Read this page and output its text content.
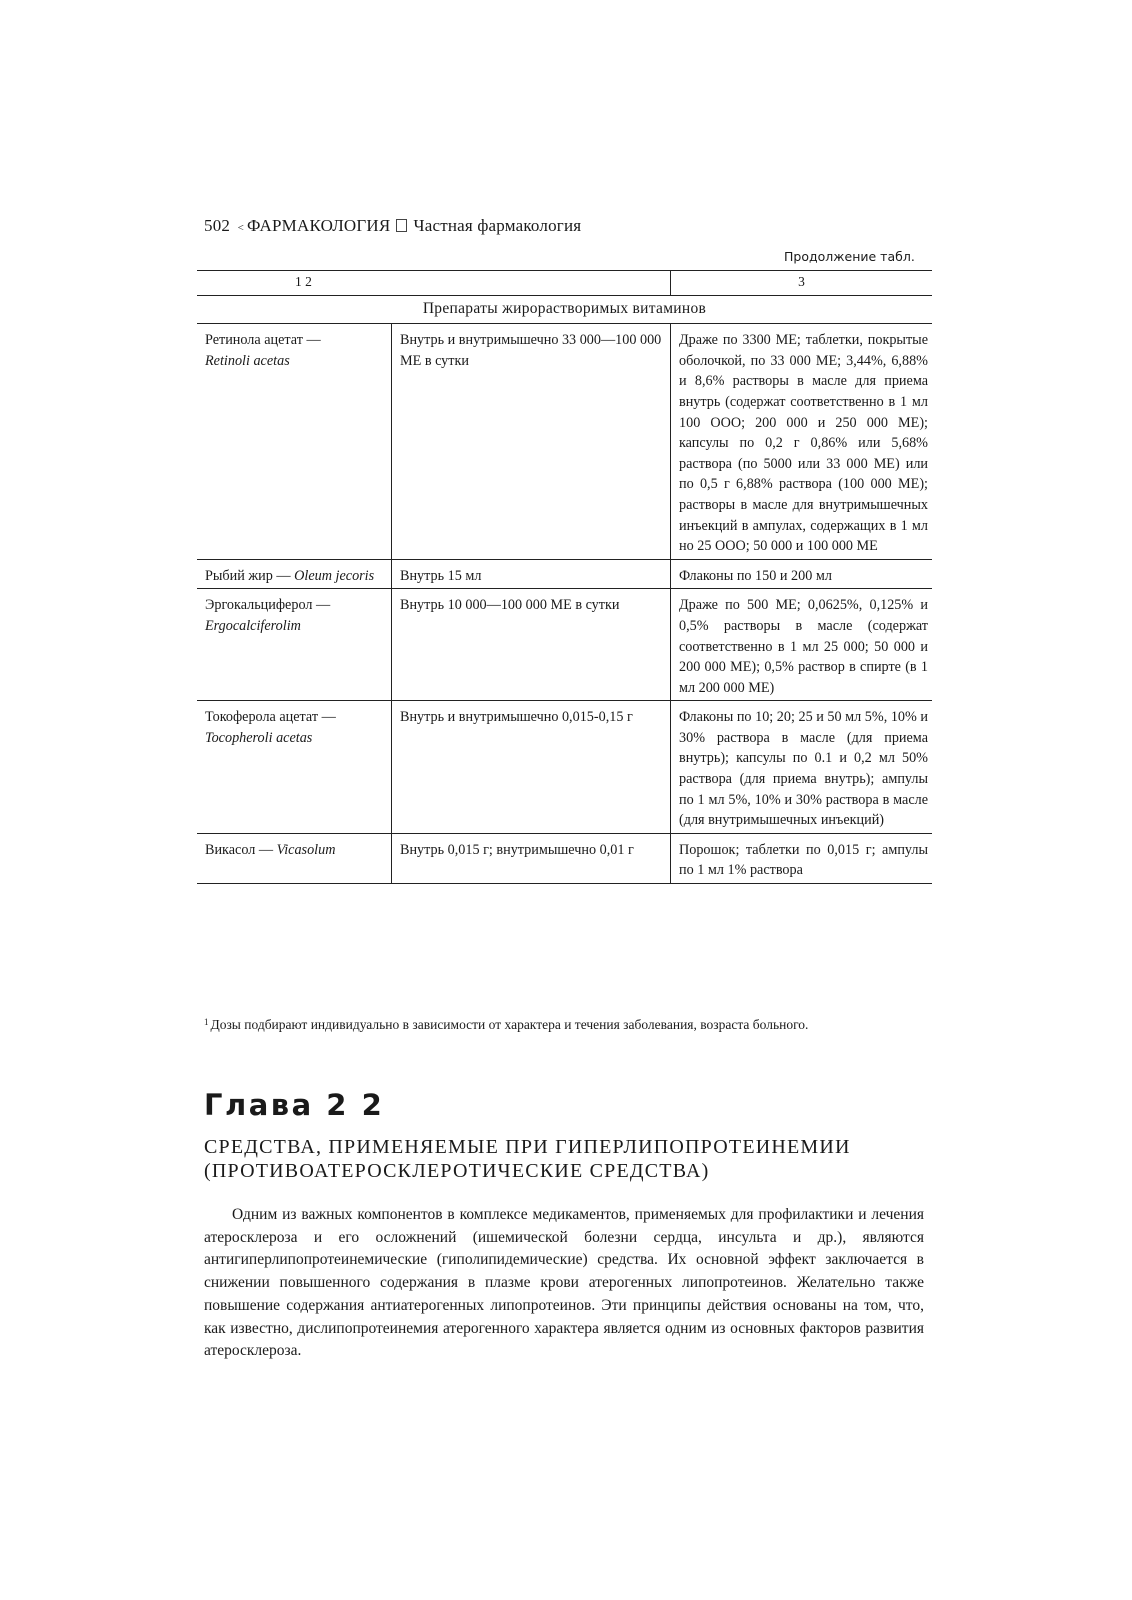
502 < ФАРМАКОЛОГИЯ Частная фармакология
Продолжение табл.
1 2		3
Препараты жирорастворимых витаминов		
Ретинола ацетат —
Retinoli acetas	Внутрь и внутримышечно 33 000—100 000 МЕ в сутки	Драже по 3300 МЕ; таблетки, покрытые оболочкой, по 33 000 МЕ; 3,44%, 6,88% и 8,6% растворы в масле для приема внутрь (содержат соответственно в 1 мл 100 ООО; 200 000 и 250 000 МЕ); капсулы по 0,2 г 0,86% или 5,68% раствора (по 5000 или 33 000 МЕ) или по 0,5 г 6,88% раствора (100 000 МЕ); растворы в масле для внутримышечных инъекций в ампулах, содержащих в 1 мл но 25 ООО; 50 000 и 100 000 МЕ
Рыбий жир — Oleum jecoris	Внутрь 15 мл	Флаконы по 150 и 200 мл
Эргокальциферол —
Ergocalciferolim	Внутрь 10 000—100 000 МЕ в сутки	Драже по 500 МЕ; 0,0625%, 0,125% и 0,5% растворы в масле (содержат соответственно в 1 мл 25 000; 50 000 и 200 000 МЕ); 0,5% раствор в спирте (в 1 мл 200 000 МЕ)
Токоферола ацетат —
Tocopheroli acetas	Внутрь и внутримышечно 0,015-0,15 г	Флаконы по 10; 20; 25 и 50 мл 5%, 10% и 30% раствора в масле (для приема внутрь); капсулы по 0.1 и 0,2 мл 50% раствора (для приема внутрь); ампулы по 1 мл 5%, 10% и 30% раствора в масле (для внутримышечных инъекций)
Викасол — Vicasolum	Внутрь 0,015 г; внутримышечно 0,01 г	Порошок; таблетки по 0,015 г; ампулы по 1 мл 1% раствора
$^1$ Дозы подбирают индивидуально в зависимости от характера и течения заболевания, возраста больного.
Глава 2 2
СРЕДСТВА, ПРИМЕНЯЕМЫЕ ПРИ ГИПЕРЛИПОПРОТЕИНЕМИИ (ПРОТИВОАТЕРОСКЛЕРОТИЧЕСКИЕ СРЕДСТВА)

Одним из важных компонентов в комплексе медикаментов, применяемых для профилактики и лечения атеросклероза и его осложнений (ишемической болезни сердца, инсульта и др.), являются антигиперлипопротеинемические (гиполипидемические) средства. Их основной эффект заключается в снижении повышенного содержания в плазме крови атерогенных липопротеинов. Желательно также повышение содержания антиатерогенных липопротеинов. Эти принципы действия основаны на том, что, как известно, дислипопротеинемия атерогенного характера является одним из основных факторов развития атеросклероза.
